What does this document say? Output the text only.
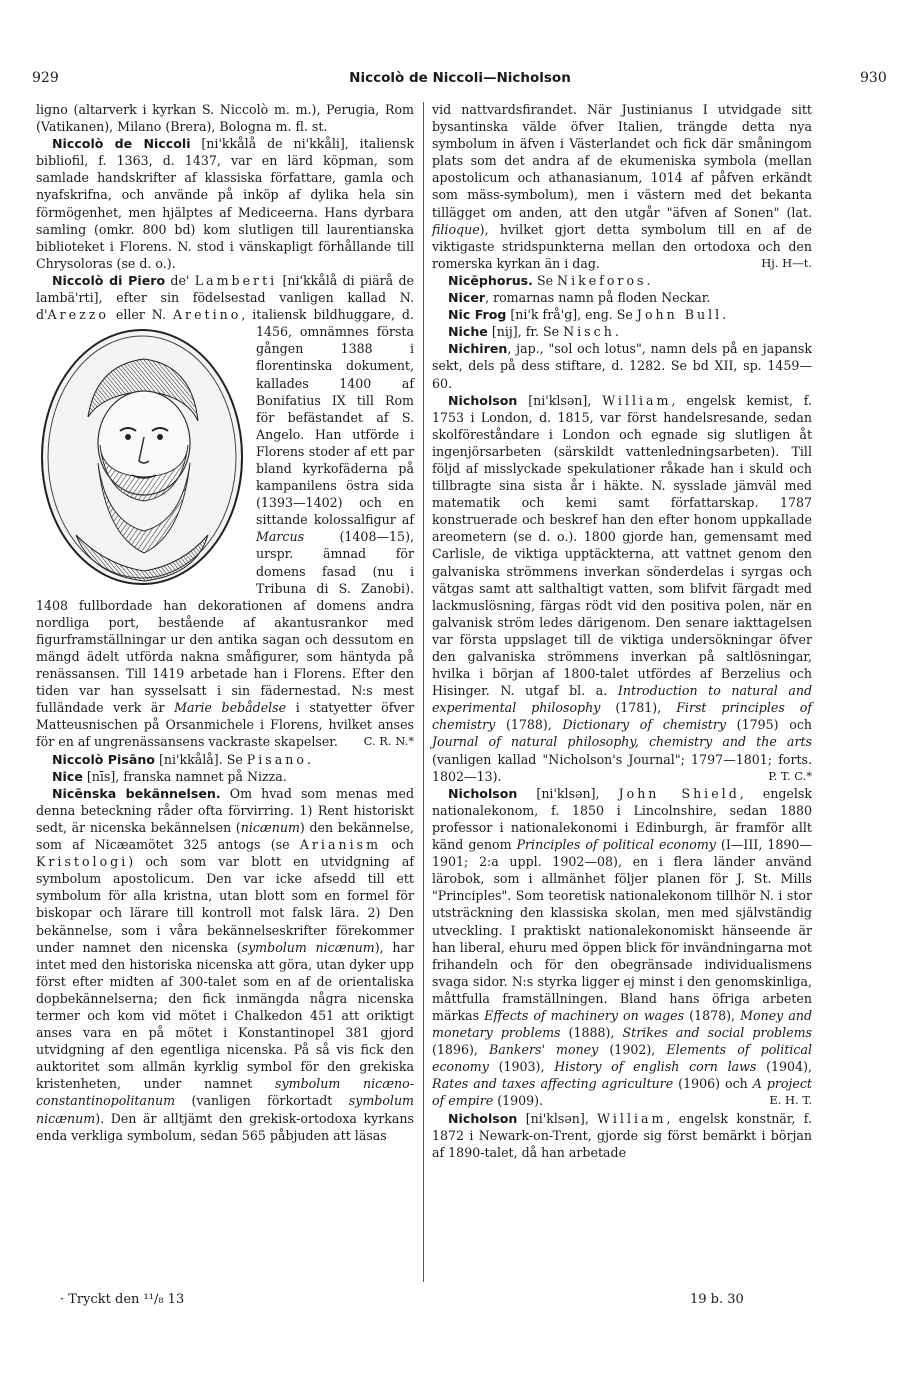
929	Niccolò de Niccoli—Nicholson	930

ligno (altarverk i kyrkan S. Niccolò m. m.), Perugia, Rom (Vatikanen), Milano (Brera), Bologna m. fl. st.

Niccolò de Niccoli [ni'kkålå de ni'kkåli], italiensk bibliofil, f. 1363, d. 1437, var en lärd köpman, som samlade handskrifter af klassiska författare, gamla och nyafskrifna, och använde på inköp af dylika hela sin förmögenhet, men hjälptes af Mediceerna. Hans dyrbara samling (omkr. 800 bd) kom slutligen till laurentianska biblioteket i Florens. N. stod i vänskapligt förhållande till Chrysoloras (se d. o.).

Niccolò di Piero de' Lamberti [ni'kkålå di piärå de lambä'rti], efter sin födelsestad vanligen kallad N. d'Arezzo eller N. Aretino
, italiensk bildhuggare, d. 1456, omnämnes första gången 1388 i florentinska dokument, kallades 1400 af Bonifatius IX till Rom för befästandet af S. Angelo. Han utförde i Florens stoder af ett par bland kyrkofäderna på kampanilens östra sida (1393—1402) och en sittande kolossalfigur af Marcus (1408—15), urspr. ämnad för domens fasad (nu i Tribuna di S. Zanobi). 1408 fullbordade han dekorationen af domens andra nordliga port, bestående af akantusrankor med figurframställningar ur den antika sagan och dessutom en mängd ädelt utförda nakna småfigurer, som häntyda på renässansen. Till 1419 arbetade han i Florens. Efter den tiden var han sysselsatt i sin fädernestad. N:s mest fulländade verk är Marie bebådelse i statyetter öfver Matteusnischen på Orsanmichele i Florens, hvilket anses för en af ungrenässansens vackraste skapelser.	C. R. N.*

Niccolò Pisāno [ni'kkålå]. Se Pisano.

Nice [nīs], franska namnet på Nizza.

Nicēnska bekännelsen. Om hvad som menas med denna beteckning råder ofta förvirring. 1) Rent historiskt sedt, är nicenska bekännelsen (nicænum) den bekännelse, som af Nicæamötet 325 antogs (se Arianism och Kristologi) och som var blott en utvidgning af symbolum apostolicum. Den var icke afsedd till ett symbolum för alla kristna, utan blott som en formel för biskopar och lärare till kontroll mot falsk lära. 2) Den bekännelse, som i våra bekännelseskrifter förekommer under namnet den nicenska (symbolum nicænum), har intet med den historiska nicenska att göra, utan dyker upp först efter midten af 300-talet som en af de orientaliska dopbekännelserna; den fick inmängda några nicenska termer och kom vid mötet i Chalkedon 451 att oriktigt anses vara en på mötet i Konstantinopel 381 gjord utvidgning af den egentliga nicenska. På så vis fick den auktoritet som allmän kyrklig symbol för den grekiska kristenheten, under namnet symbolum nicæno-constantinopolitanum (vanligen förkortadt symbolum nicænum). Den är alltjämt den grekisk-ortodoxa kyrkans enda verkliga symbolum, sedan 565 påbjuden att läsas

vid nattvardsfirandet. När Justinianus I utvidgade sitt bysantinska välde öfver Italien, trängde detta nya symbolum in äfven i Västerlandet och fick där småningom plats som det andra af de ekumeniska symbola (mellan apostolicum och athanasianum, 1014 af påfven erkändt som mäss-symbolum), men i västern med det bekanta tillägget om anden, att den utgår "äfven af Sonen" (lat. filioque), hvilket gjort detta symbolum till en af de viktigaste stridspunkterna mellan den ortodoxa och den romerska kyrkan än i dag.	Hj. H—t.

Nicēphorus. Se Nikeforos.

Nicer, romarnas namn på floden Neckar.

Nic Frog [ni'k frå'g], eng. Se John Bull.

Niche [nij], fr. Se Nisch.

Nichiren, jap., "sol och lotus", namn dels på en japansk sekt, dels på dess stiftare, d. 1282. Se bd XII, sp. 1459—60.

Nicholson [ni'klsən], William, engelsk kemist, f. 1753 i London, d. 1815, var först handelsresande, sedan skolföreståndare i London och egnade sig slutligen åt ingenjörsarbeten (särskildt vattenledningsarbeten). Till följd af misslyckade spekulationer råkade han i skuld och tillbragte sina sista år i häkte. N. sysslade jämväl med matematik och kemi samt författarskap. 1787 konstruerade och beskref han den efter honom uppkallade areometern (se d. o.). 1800 gjorde han, gemensamt med Carlisle, de viktiga upptäckterna, att vattnet genom den galvaniska strömmens inverkan sönderdelas i syrgas och vätgas samt att salthaltigt vatten, som blifvit färgadt med lackmuslösning, färgas rödt vid den positiva polen, när en galvanisk ström ledes därigenom. Den senare iakttagelsen var första uppslaget till de viktiga undersökningar öfver den galvaniska strömmens inverkan på saltlösningar, hvilka i början af 1800-talet utfördes af Berzelius och Hisinger. N. utgaf bl. a. Introduction to natural and experimental philosophy (1781), First principles of chemistry (1788), Dictionary of chemistry (1795) och Journal of natural philosophy, chemistry and the arts (vanligen kallad "Nicholson's Journal"; 1797—1801; forts. 1802—13).	P. T. C.*

Nicholson [ni'klsən], John Shield, engelsk nationalekonom, f. 1850 i Lincolnshire, sedan 1880 professor i nationalekonomi i Edinburgh, är framför allt känd genom Principles of political economy (I—III, 1890—1901; 2:a uppl. 1902—08), en i flera länder använd lärobok, som i allmänhet följer planen för J. St. Mills "Principles". Som teoretisk nationalekonom tillhör N. i stor utsträckning den klassiska skolan, men med självständig utveckling. I praktiskt nationalekonomiskt hänseende är han liberal, ehuru med öppen blick för invändningarna mot frihandeln och för den obegränsade individualismens svaga sidor. N:s styrka ligger ej minst i den genomskinliga, måttfulla framställningen. Bland hans öfriga arbeten märkas Effects of machinery on wages (1878), Money and monetary problems (1888), Strikes and social problems (1896), Bankers' money (1902), Elements of political economy (1903), History of english corn laws (1904), Rates and taxes affecting agriculture (1906) och A project of empire (1909).	E. H. T.

Nicholson [ni'klsən], William, engelsk konstnär, f. 1872 i Newark-on-Trent, gjorde sig först bemärkt i början af 1890-talet, då han arbetade

· Tryckt den ¹¹/₈ 13	19 b. 30
